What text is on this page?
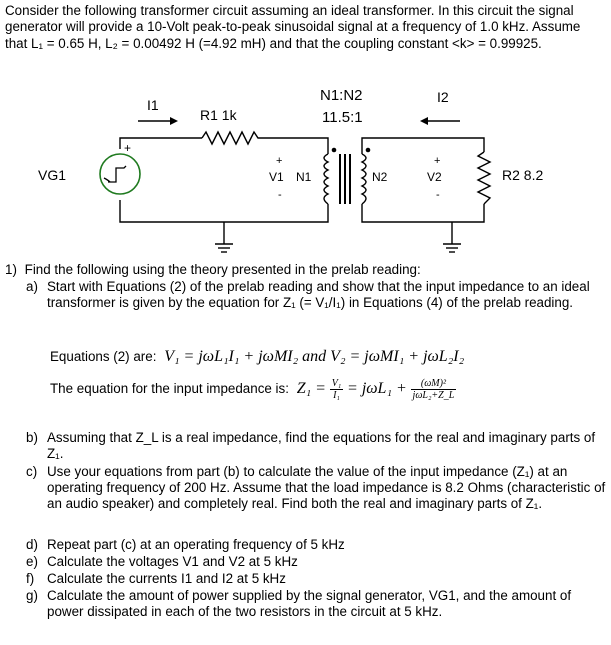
Consider the following transformer circuit assuming an ideal transformer. In this circuit the signal generator will provide a 10-Volt peak-to-peak sinusoidal signal at a frequency of 1.0 kHz. Assume that L₁ = 0.65 H, L₂ = 0.00492 H (=4.92 mH) and that the coupling constant <k> = 0.99925.

VG1
+
I1
R1 1k
N1:N2
11.5:1
I2
+
V1
-
N1	N2
+
V2
-
R2 8.2
1) Find the following using the theory presented in the prelab reading:
a) Start with Equations (2) of the prelab reading and show that the input impedance to an ideal transformer is given by the equation for Z₁ (= V₁/I₁) in Equations (4) of the prelab reading.
Equations (2) are: V₁ = jωL₁I₁ + jωMI₂ and V₂ = jωMI₁ + jωL₂I₂
The equation for the input impedance is: $Z_1 = \frac{\text{V₁}}{\text{I₁}} = j\omega L_1 + \frac{\text{(ωM)²}}{\text{jωL₂+Z\_L}}$
b) Assuming that Z_L is a real impedance, find the equations for the real and imaginary parts of Z₁.
c) Use your equations from part (b) to calculate the value of the input impedance (Z₁) at an operating frequency of 200 Hz. Assume that the load impedance is 8.2 Ohms (characteristic of an audio speaker) and completely real. Find both the real and imaginary parts of Z₁.
d) Repeat part (c) at an operating frequency of 5 kHz
e) Calculate the voltages V1 and V2 at 5 kHz
f) Calculate the currents I1 and I2 at 5 kHz
g) Calculate the amount of power supplied by the signal generator, VG1, and the amount of power dissipated in each of the two resistors in the circuit at 5 kHz.
